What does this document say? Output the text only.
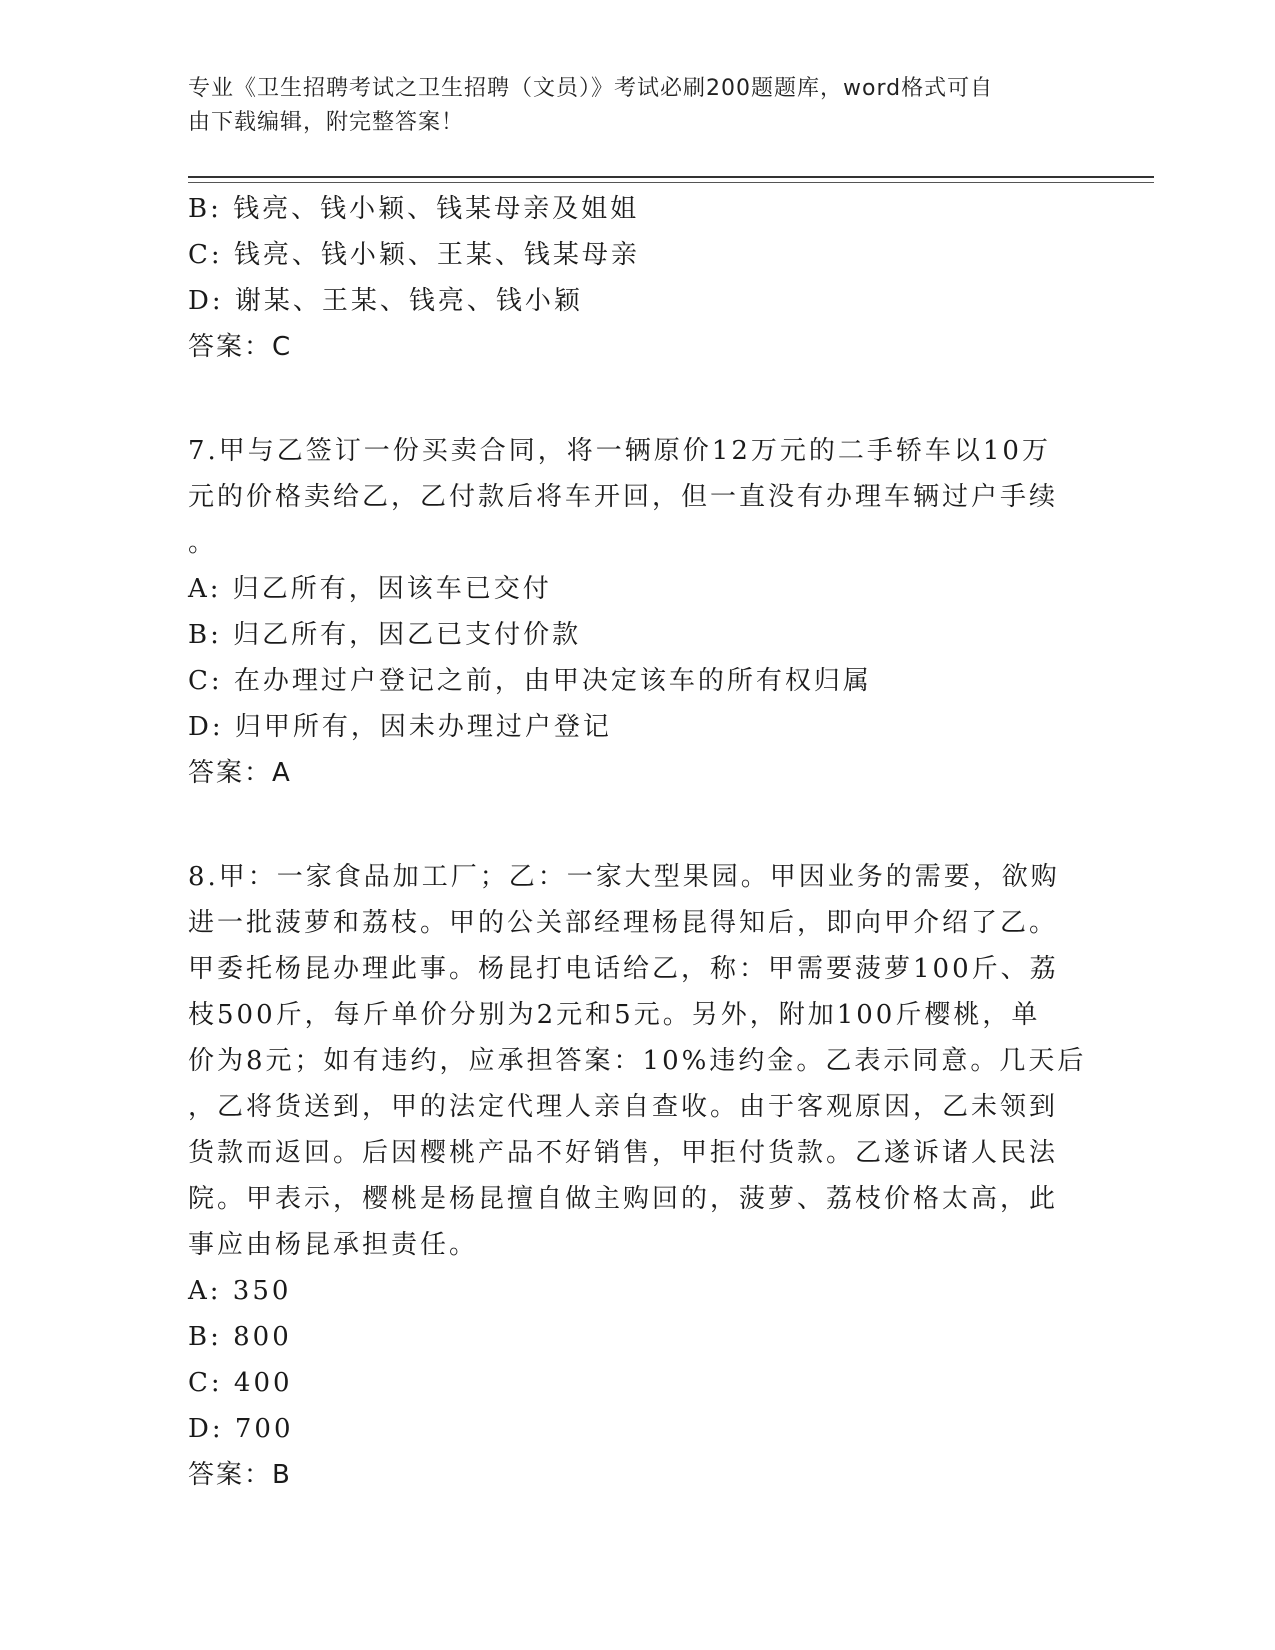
专业《卫生招聘考试之卫生招聘（文员）》考试必刷200题题库，word格式可自
由下载编辑，附完整答案！
B: 钱亮、钱小颖、钱某母亲及姐姐
C: 钱亮、钱小颖、王某、钱某母亲
D: 谢某、王某、钱亮、钱小颖
答案：C
7.甲与乙签订一份买卖合同，将一辆原价12万元的二手轿车以10万
元的价格卖给乙，乙付款后将车开回，但一直没有办理车辆过户手续
。
A: 归乙所有，因该车已交付
B: 归乙所有，因乙已支付价款
C: 在办理过户登记之前，由甲决定该车的所有权归属
D: 归甲所有，因未办理过户登记
答案：A
8.甲：一家食品加工厂；乙：一家大型果园。甲因业务的需要，欲购
进一批菠萝和荔枝。甲的公关部经理杨昆得知后，即向甲介绍了乙。
甲委托杨昆办理此事。杨昆打电话给乙，称：甲需要菠萝100斤、荔
枝500斤，每斤单价分别为2元和5元。另外，附加100斤樱桃，单
价为8元；如有违约，应承担答案：10%违约金。乙表示同意。几天后
，乙将货送到，甲的法定代理人亲自查收。由于客观原因，乙未领到
货款而返回。后因樱桃产品不好销售，甲拒付货款。乙遂诉诸人民法
院。甲表示，樱桃是杨昆擅自做主购回的，菠萝、荔枝价格太高，此
事应由杨昆承担责任。
A: 350
B: 800
C: 400
D: 700
答案：B
